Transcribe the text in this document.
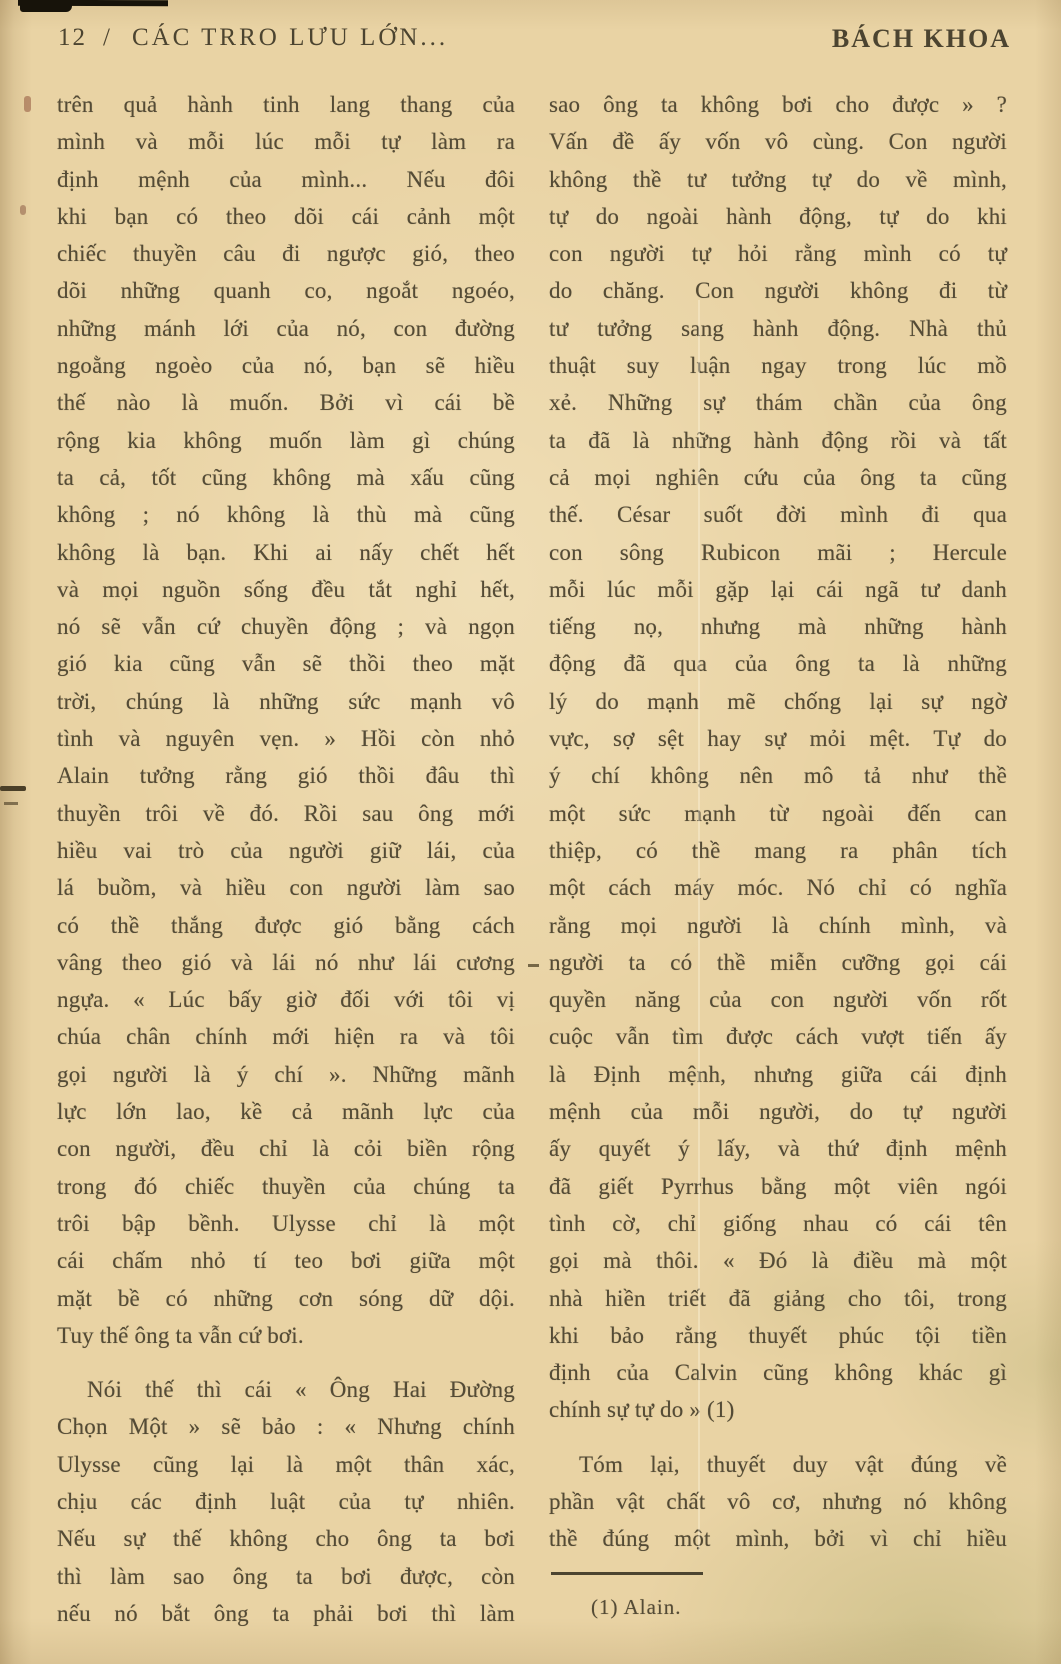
12 / CÁC TRRO LƯU LỚN...	BÁCH KHOA
trên quả hành tinh lang thang của
mình và mỗi lúc mỗi tự làm ra
định mệnh của mình... Nếu đôi
khi bạn có theo dõi cái cảnh một
chiếc thuyền câu đi ngược gió, theo
dõi những quanh co, ngoắt ngoéo,
những mánh lới của nó, con đường
ngoằng ngoèo của nó, bạn sẽ hiều
thế nào là muốn. Bởi vì cái bề
rộng kia không muốn làm gì chúng
ta cả, tốt cũng không mà xấu cũng
không ; nó không là thù mà cũng
không là bạn. Khi ai nấy chết hết
và mọi nguồn sống đều tắt nghỉ hết,
nó sẽ vẫn cứ chuyền động ; và ngọn
gió kia cũng vẫn sẽ thồi theo mặt
trời, chúng là những sức mạnh vô
tình và nguyên vẹn. » Hồi còn nhỏ
Alain tưởng rằng gió thồi đâu thì
thuyền trôi về đó. Rồi sau ông mới
hiều vai trò của người giữ lái, của
lá buồm, và hiều con người làm sao
có thề thắng được gió bằng cách
vâng theo gió và lái nó như lái cương
ngựa. « Lúc bấy giờ đối với tôi vị
chúa chân chính mới hiện ra và tôi
gọi người là ý chí ». Những mãnh
lực lớn lao, kề cả mãnh lực của
con người, đều chỉ là cỏi biền rộng
trong đó chiếc thuyền của chúng ta
trôi bập bềnh. Ulysse chỉ là một
cái chấm nhỏ tí teo bơi giữa một
mặt bề có những cơn sóng dữ dội.
Tuy thế ông ta vẫn cứ bơi.
Nói thế thì cái « Ông Hai Đường
Chọn Một » sẽ bảo : « Nhưng chính
Ulysse cũng lại là một thân xác,
chịu các định luật của tự nhiên.
Nếu sự thế không cho ông ta bơi
thì làm sao ông ta bơi được, còn
nếu nó bắt ông ta phải bơi thì làm
sao ông ta không bơi cho được » ?
Vấn đề ấy vốn vô cùng. Con người
không thề tư tưởng tự do về mình,
tự do ngoài hành động, tự do khi
con người tự hỏi rằng mình có tự
do chăng. Con người không đi từ
tư tưởng sang hành động. Nhà thủ
thuật suy luận ngay trong lúc mồ
xẻ. Những sự thám chần của ông
ta đã là những hành động rồi và tất
cả mọi nghiên cứu của ông ta cũng
thế. César suốt đời mình đi qua
con sông Rubicon mãi ; Hercule
mỗi lúc mỗi gặp lại cái ngã tư danh
tiếng nọ, nhưng mà những hành
động đã qua của ông ta là những
lý do mạnh mẽ chống lại sự ngờ
vực, sợ sệt hay sự mỏi mệt. Tự do
ý chí không nên mô tả như thề
một sức mạnh từ ngoài đến can
thiệp, có thề mang ra phân tích
một cách máy móc. Nó chỉ có nghĩa
rằng mọi người là chính mình, và
người ta có thề miễn cưỡng gọi cái
quyền năng của con người vốn rốt
cuộc vẫn tìm được cách vượt tiến ấy
là Định mệnh, nhưng giữa cái định
mệnh của mỗi người, do tự người
ấy quyết ý lấy, và thứ định mệnh
đã giết Pyrrhus bằng một viên ngói
tình cờ, chỉ giống nhau có cái tên
gọi mà thôi. « Đó là điều mà một
nhà hiền triết đã giảng cho tôi, trong
khi bảo rằng thuyết phúc tội tiền
định của Calvin cũng không khác gì
chính sự tự do » (1)
Tóm lại, thuyết duy vật đúng về
phần vật chất vô cơ, nhưng nó không
thề đúng một mình, bởi vì chỉ hiều
(1) Alain.
